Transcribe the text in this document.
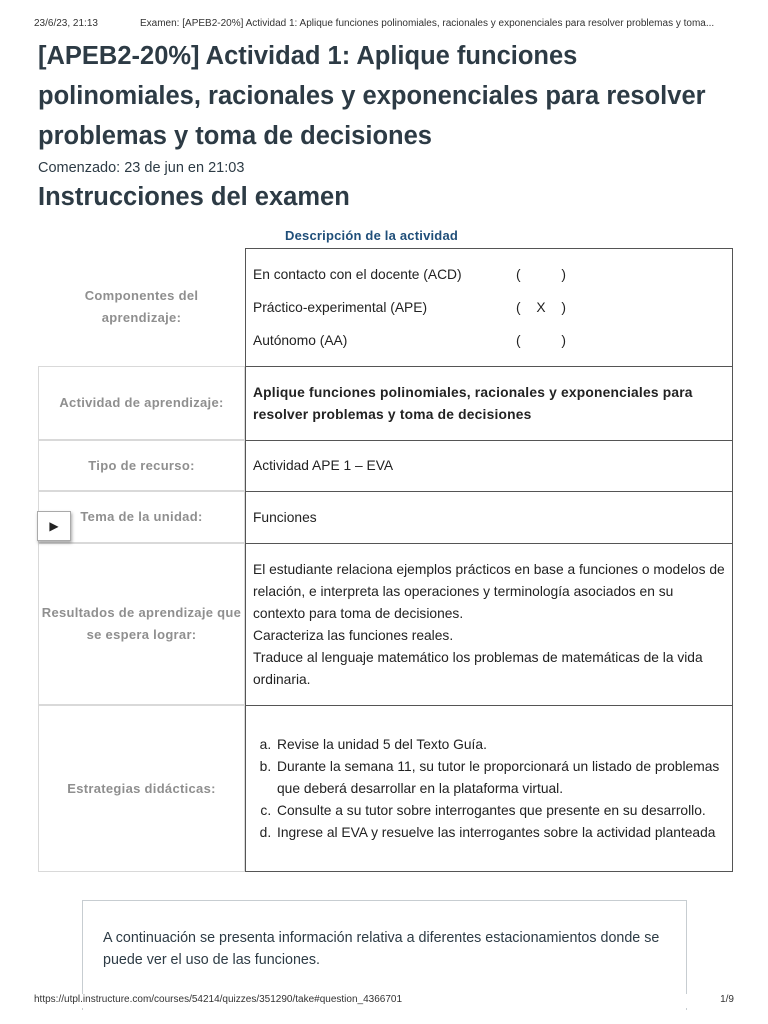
23/6/23, 21:13	Examen: [APEB2-20%] Actividad 1: Aplique funciones polinomiales, racionales y exponenciales para resolver problemas y toma...
[APEB2-20%] Actividad 1: Aplique funciones polinomiales, racionales y exponenciales para resolver problemas y toma de decisiones
Comenzado: 23 de jun en 21:03
Instrucciones del examen
Descripción de la actividad
Componentes del aprendizaje:
En contacto con el docente (ACD)	(	)
Práctico-experimental (APE)	( X )
Autónomo (AA)	(	)
Actividad de aprendizaje:
Aplique funciones polinomiales, racionales y exponenciales para resolver problemas y toma de decisiones
Tipo de recurso:	Actividad APE 1 – EVA
Tema de la unidad:	Funciones
Resultados de aprendizaje que se espera lograr:
El estudiante relaciona ejemplos prácticos en base a funciones o modelos de relación, e interpreta las operaciones y terminología asociados en su contexto para toma de decisiones.
Caracteriza las funciones reales.
Traduce al lenguaje matemático los problemas de matemáticas de la vida ordinaria.
Estrategias didácticas:
a. Revise la unidad 5 del Texto Guía.
b. Durante la semana 11, su tutor le proporcionará un listado de problemas que deberá desarrollar en la plataforma virtual.
c. Consulte a su tutor sobre interrogantes que presente en su desarrollo.
d. Ingrese al EVA y resuelve las interrogantes sobre la actividad planteada
▶
A continuación se presenta información relativa a diferentes estacionamientos donde se puede ver el uso de las funciones.
https://utpl.instructure.com/courses/54214/quizzes/351290/take#question_4366701	1/9
